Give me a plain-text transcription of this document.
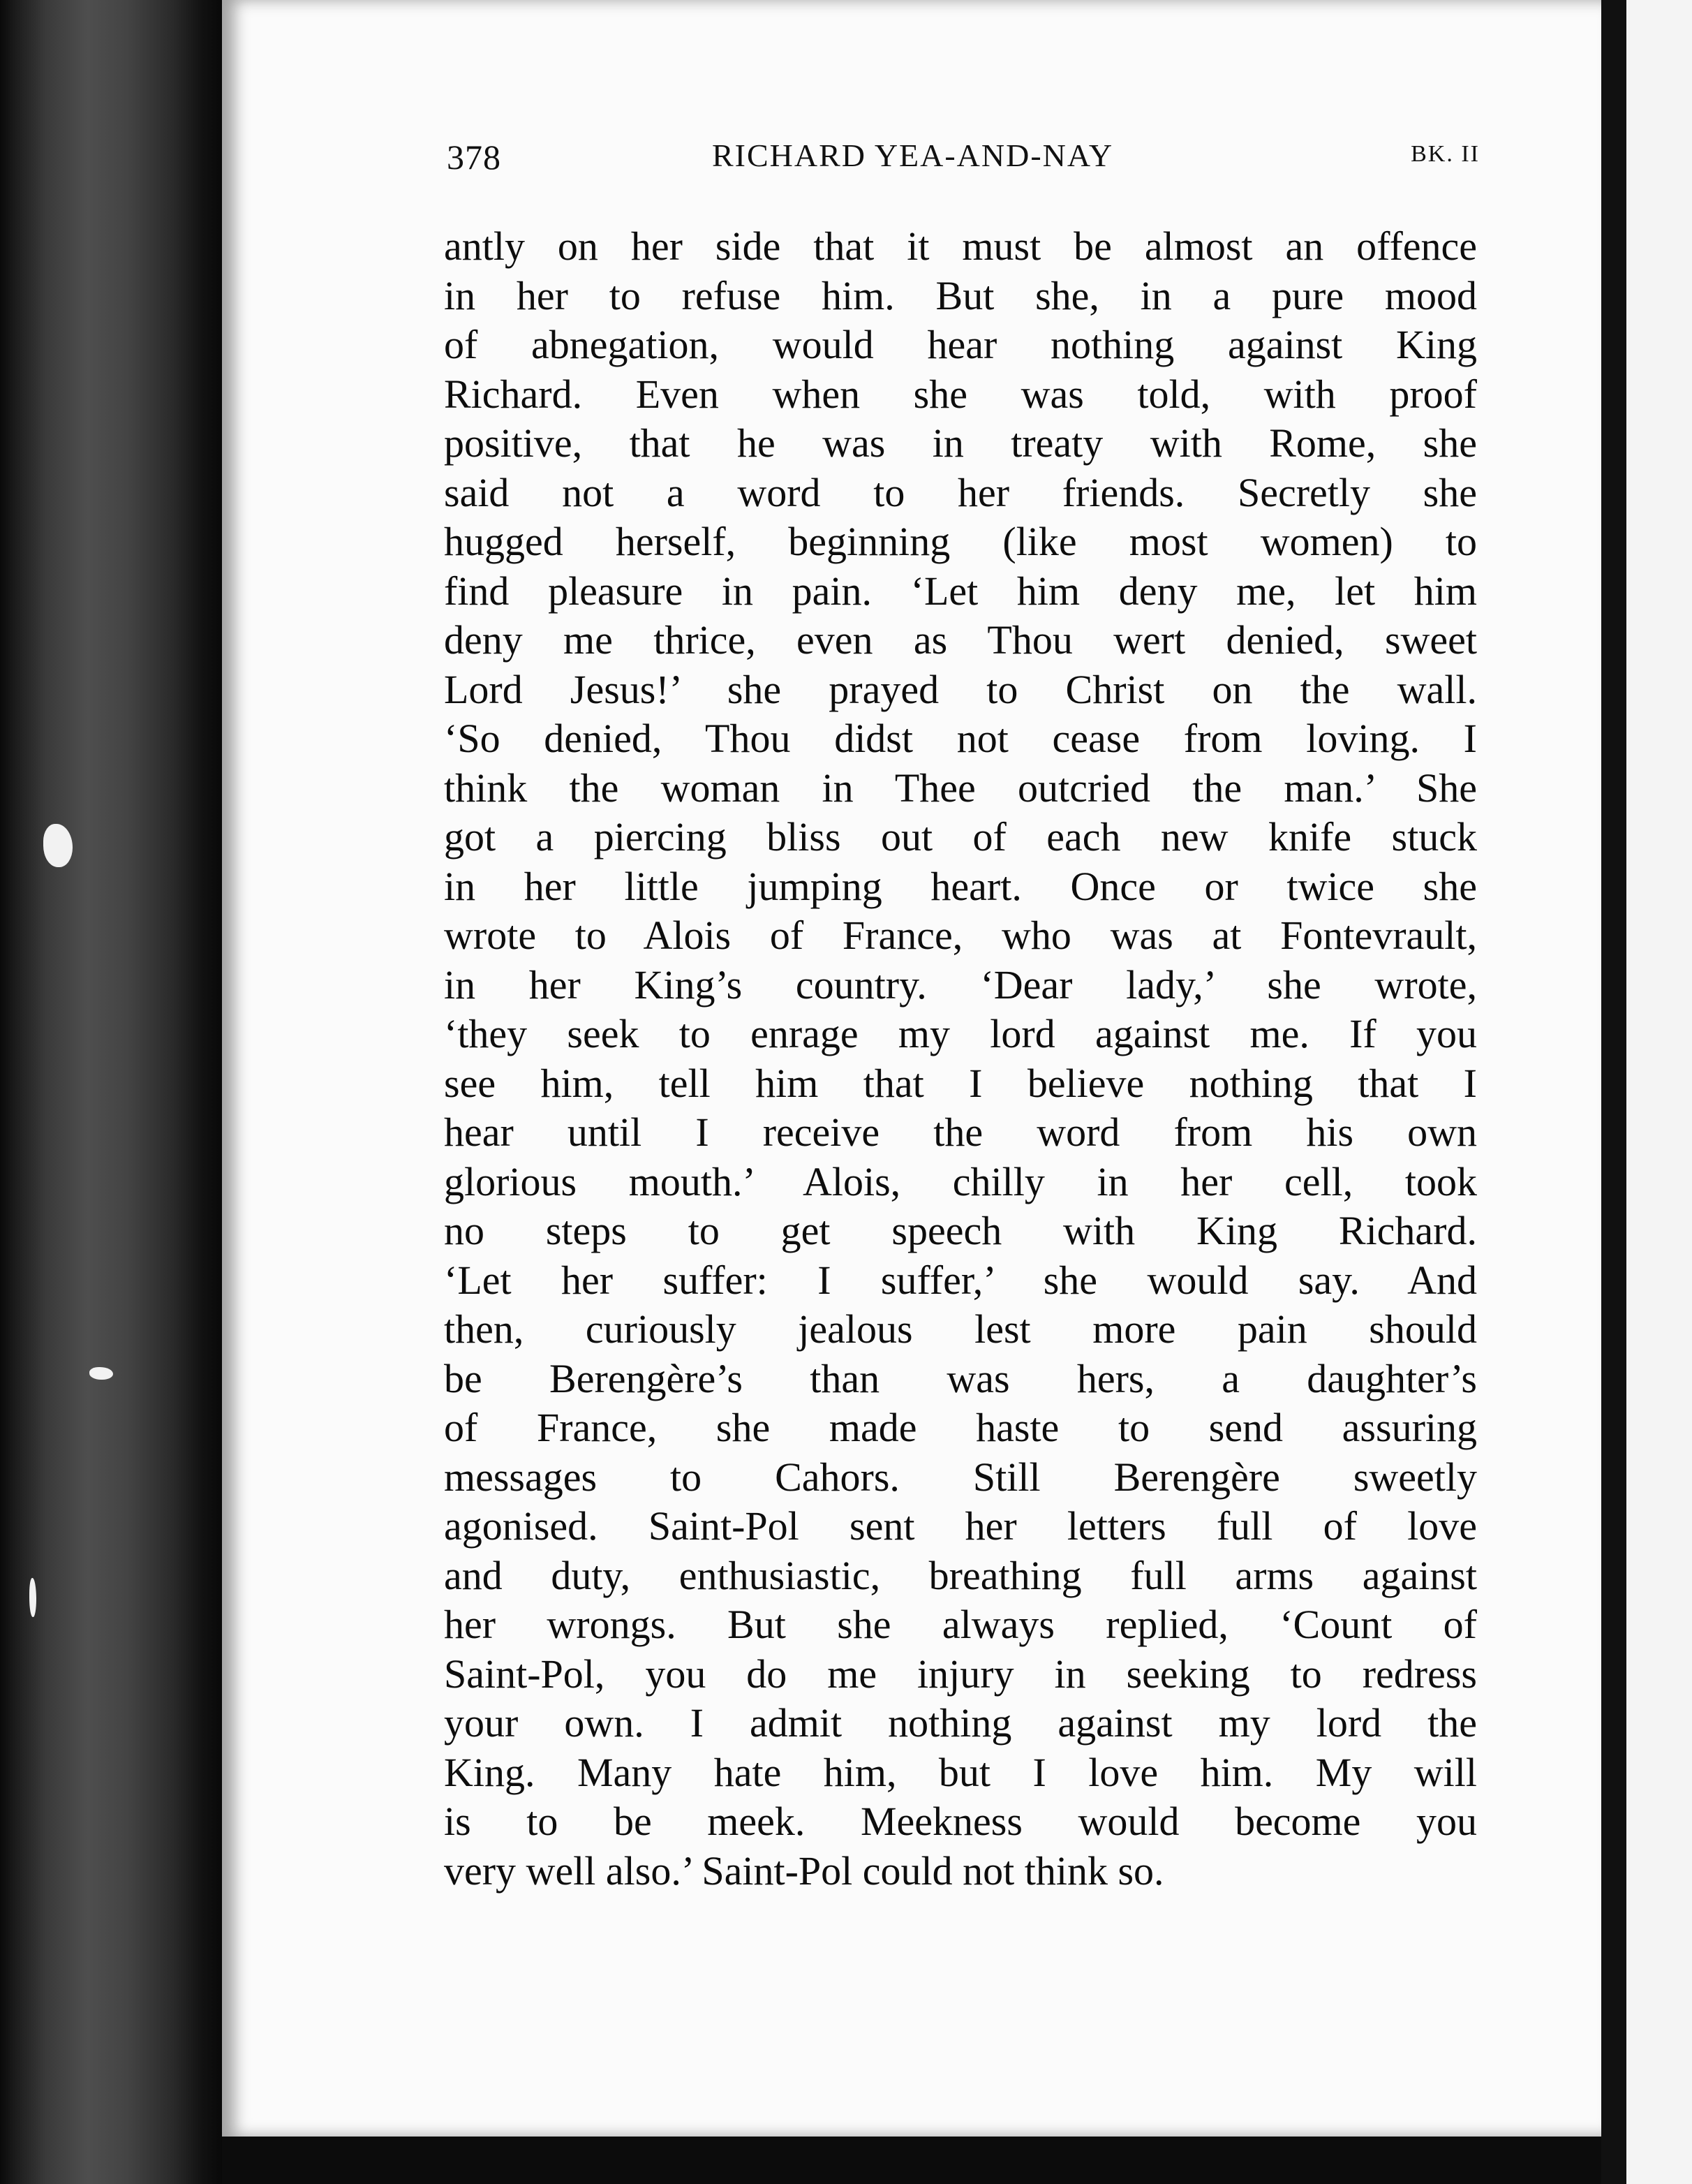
378	RICHARD YEA-AND-NAY	BK. II
antly on her side that it must be almost an offence
in her to refuse him. But she, in a pure mood
of abnegation, would hear nothing against King
Richard. Even when she was told, with proof
positive, that he was in treaty with Rome, she
said not a word to her friends. Secretly she
hugged herself, beginning (like most women) to
find pleasure in pain. ‘Let him deny me, let him
deny me thrice, even as Thou wert denied, sweet
Lord Jesus!’ she prayed to Christ on the wall.
‘So denied, Thou didst not cease from loving. I
think the woman in Thee outcried the man.’ She
got a piercing bliss out of each new knife stuck
in her little jumping heart. Once or twice she
wrote to Alois of France, who was at Fontevrault,
in her King’s country. ‘Dear lady,’ she wrote,
‘they seek to enrage my lord against me. If you
see him, tell him that I believe nothing that I
hear until I receive the word from his own
glorious mouth.’ Alois, chilly in her cell, took
no steps to get speech with King Richard.
‘Let her suffer: I suffer,’ she would say. And
then, curiously jealous lest more pain should
be Berengère’s than was hers, a daughter’s
of France, she made haste to send assuring
messages to Cahors. Still Berengère sweetly
agonised. Saint-Pol sent her letters full of love
and duty, enthusiastic, breathing full arms against
her wrongs. But she always replied, ‘Count of
Saint-Pol, you do me injury in seeking to redress
your own. I admit nothing against my lord the
King. Many hate him, but I love him. My will
is to be meek. Meekness would become you
very well also.’ Saint-Pol could not think so.
